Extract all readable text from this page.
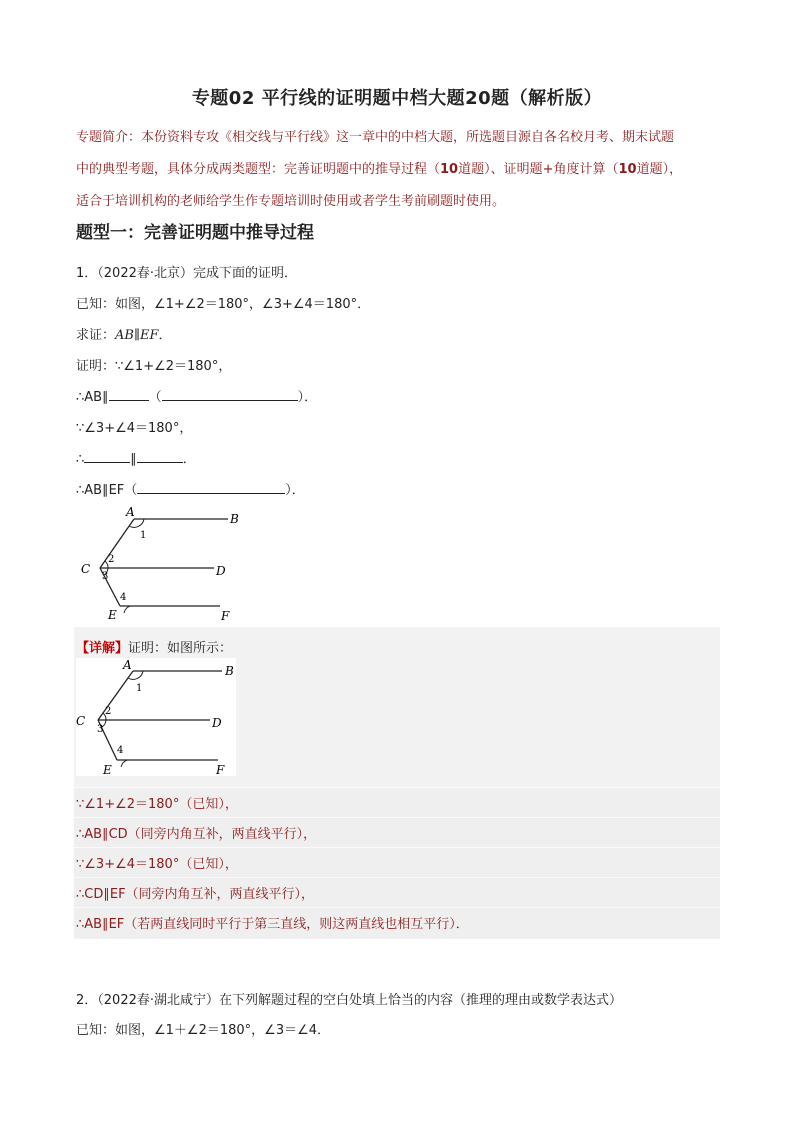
专题02 平行线的证明题中档大题20题（解析版）
专题简介：本份资料专攻《相交线与平行线》这一章中的中档大题，所选题目源自各名校月考、期末试题
中的典型考题，具体分成两类题型：完善证明题中的推导过程（10道题）、证明题+角度计算（10道题），
适合于培训机构的老师给学生作专题培训时使用或者学生考前刷题时使用。
题型一：完善证明题中推导过程
1．（2022春·北京）完成下面的证明．
已知：如图，∠1+∠2＝180°，∠3+∠4＝180°．
求证：AB∥EF．
证明：∵∠1+∠2＝180°，
∴AB∥	（	）．
∵∠3+∠4＝180°，
∴	∥	．
∴AB∥EF（	）．
A	B
C	D
E	F
1
2
3
4
【详解】证明：如图所示：
A	B
C	D
E	F
1
2
3
4
∵∠1+∠2＝180°（已知），
∴AB∥CD（同旁内角互补，两直线平行），
∵∠3+∠4＝180°（已知），
∴CD∥EF（同旁内角互补，两直线平行），
∴AB∥EF（若两直线同时平行于第三直线，则这两直线也相互平行）．
2．（2022春·湖北咸宁）在下列解题过程的空白处填上恰当的内容（推理的理由或数学表达式）
已知：如图，∠1＋∠2＝180°，∠3＝∠4．
